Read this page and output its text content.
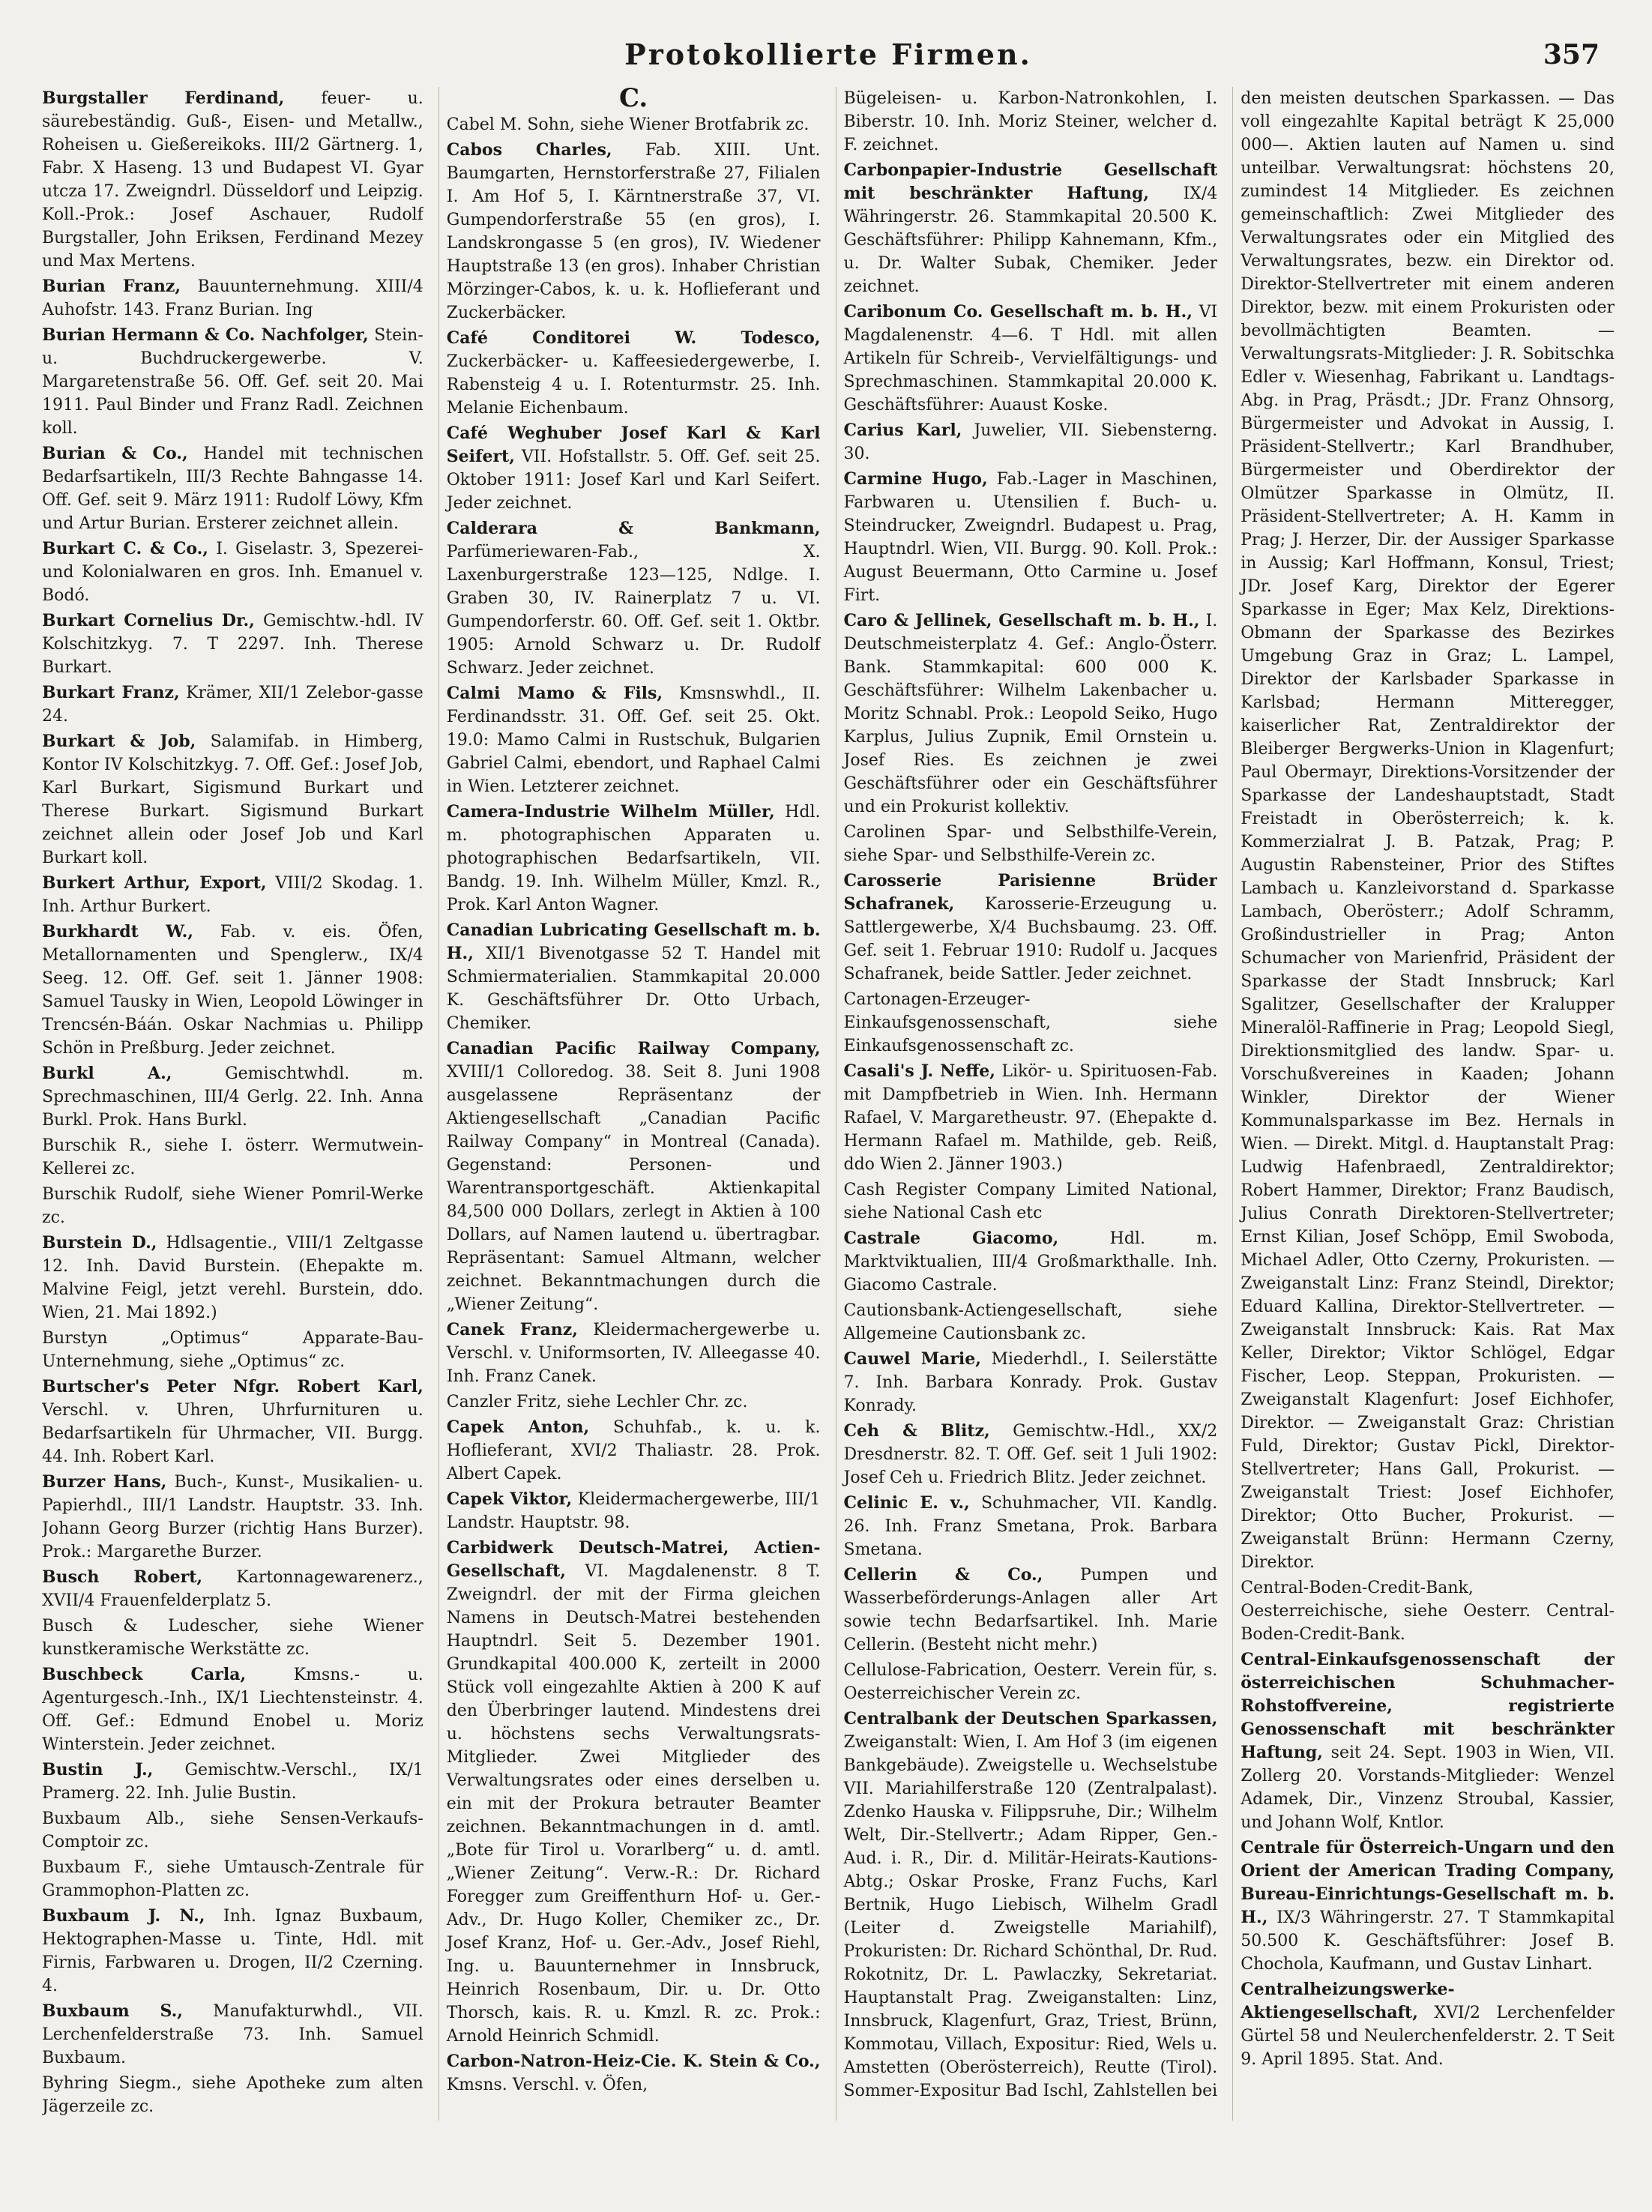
Protokollierte Firmen.	357

Burgstaller Ferdinand, feuer- u. säurebeständig. Guß-, Eisen- und Metallw., Roheisen u. Gießereikoks. III/2 Gärtnerg. 1, Fabr. X Haseng. 13 und Budapest VI. Gyar utcza 17. Zweigndrl. Düsseldorf und Leipzig. Koll.-Prok.: Josef Aschauer, Rudolf Burgstaller, John Eriksen, Ferdinand Mezey und Max Mertens.

Burian Franz, Bauunternehmung. XIII/4 Auhofstr. 143. Franz Burian. Ing

Burian Hermann & Co. Nachfolger, Stein- u. Buchdruckergewerbe. V. Margaretenstraße 56. Off. Gef. seit 20. Mai 1911. Paul Binder und Franz Radl. Zeichnen koll.

Burian & Co., Handel mit technischen Bedarfsartikeln, III/3 Rechte Bahngasse 14. Off. Gef. seit 9. März 1911: Rudolf Löwy, Kfm und Artur Burian. Ersterer zeichnet allein.

Burkart C. & Co., I. Giselastr. 3, Spezerei- und Kolonialwaren en gros. Inh. Emanuel v. Bodó.

Burkart Cornelius Dr., Gemischtw.-hdl. IV Kolschitzkyg. 7. T 2297. Inh. Therese Burkart.

Burkart Franz, Krämer, XII/1 Zelebor-gasse 24.

Burkart & Job, Salamifab. in Himberg, Kontor IV Kolschitzkyg. 7. Off. Gef.: Josef Job, Karl Burkart, Sigismund Burkart und Therese Burkart. Sigismund Burkart zeichnet allein oder Josef Job und Karl Burkart koll.

Burkert Arthur, Export, VIII/2 Skodag. 1. Inh. Arthur Burkert.

Burkhardt W., Fab. v. eis. Öfen, Metallornamenten und Spenglerw., IX/4 Seeg. 12. Off. Gef. seit 1. Jänner 1908: Samuel Tausky in Wien, Leopold Löwinger in Trencsén-Báán. Oskar Nachmias u. Philipp Schön in Preßburg. Jeder zeichnet.

Burkl A.,	Gemischtwhdl. m. Sprechmaschinen, III/4 Gerlg. 22. Inh. Anna Burkl. Prok. Hans Burkl.

Burschik R., siehe I. österr. Wermutwein-Kellerei zc.

Burschik Rudolf, siehe Wiener Pomril-Werke zc.

Burstein D., Hdlsagentie., VIII/1 Zeltgasse 12. Inh. David Burstein. (Ehepakte m. Malvine Feigl, jetzt verehl. Burstein, ddo. Wien, 21. Mai 1892.)

Burstyn „Optimus“ Apparate-Bau-Unternehmung, siehe „Optimus“ zc.

Burtscher's Peter Nfgr. Robert Karl, Verschl. v. Uhren, Uhrfurnituren u. Bedarfsartikeln für Uhrmacher, VII. Burgg. 44. Inh. Robert Karl.

Burzer Hans, Buch-, Kunst-, Musikalien- u. Papierhdl., III/1 Landstr. Hauptstr. 33. Inh. Johann Georg Burzer (richtig Hans Burzer). Prok.: Margarethe Burzer.

Busch Robert, Kartonnagewarenerz., XVII/4 Frauenfelderplatz 5.

Busch & Ludescher, siehe Wiener kunstkeramische Werkstätte zc.

Buschbeck Carla,	Kmsns.- u. Agenturgesch.-Inh., IX/1 Liechtensteinstr. 4. Off. Gef.: Edmund Enobel u. Moriz Winterstein. Jeder zeichnet.

Bustin J., Gemischtw.-Verschl., IX/1 Pramerg. 22. Inh. Julie Bustin.

Buxbaum Alb., siehe Sensen-Verkaufs-Comptoir zc.

Buxbaum F., siehe Umtausch-Zentrale für Grammophon-Platten zc.

Buxbaum J. N., Inh. Ignaz Buxbaum, Hektographen-Masse u. Tinte, Hdl. mit Firnis, Farbwaren u. Drogen, II/2 Czerning. 4.

Buxbaum S., Manufakturwhdl., VII. Lerchenfelderstraße 73. Inh. Samuel Buxbaum.

Byhring Siegm., siehe Apotheke zum alten Jägerzeile zc.

C.

Cabel M. Sohn, siehe Wiener Brotfabrik zc.

Cabos Charles, Fab. XIII. Unt. Baumgarten, Hernstorferstraße 27, Filialen I. Am Hof 5, I. Kärntnerstraße 37, VI. Gumpendorferstraße 55 (en gros), I. Landskrongasse 5 (en gros), IV. Wiedener Hauptstraße 13 (en gros). Inhaber Christian Mörzinger-Cabos, k. u. k. Hoflieferant und Zuckerbäcker.

Café Conditorei W. Todesco, Zuckerbäcker- u. Kaffeesiedergewerbe, I. Rabensteig 4 u. I. Rotenturmstr. 25. Inh. Melanie Eichenbaum.

Café Weghuber Josef Karl & Karl Seifert, VII. Hofstallstr. 5. Off. Gef. seit 25. Oktober 1911: Josef Karl und Karl Seifert. Jeder zeichnet.

Calderara & Bankmann, Parfümeriewaren-Fab., X. Laxenburgerstraße 123—125, Ndlge. I. Graben 30, IV. Rainerplatz 7 u. VI. Gumpendorferstr. 60. Off. Gef. seit 1. Oktbr. 1905: Arnold Schwarz u. Dr. Rudolf Schwarz. Jeder zeichnet.

Calmi Mamo & Fils, Kmsnswhdl., II. Ferdinandsstr. 31. Off. Gef. seit 25. Okt. 19.0: Mamo Calmi in Rustschuk, Bulgarien Gabriel Calmi, ebendort, und Raphael Calmi in Wien. Letzterer zeichnet.

Camera-Industrie Wilhelm Müller, Hdl. m. photographischen Apparaten u. photographischen Bedarfsartikeln, VII. Bandg. 19. Inh. Wilhelm Müller, Kmzl. R., Prok. Karl Anton Wagner.

Canadian Lubricating Gesellschaft m. b. H., XII/1 Bivenotgasse 52 T. Handel mit Schmiermaterialien. Stammkapital 20.000 K. Geschäftsführer Dr. Otto Urbach, Chemiker.

Canadian Pacific Railway Company, XVIII/1 Colloredog. 38. Seit 8. Juni 1908 ausgelassene Repräsentanz der Aktiengesellschaft „Canadian Pacific Railway Company“ in Montreal (Canada). Gegenstand: Personen- und Warentransportgeschäft. Aktienkapital 84,500 000 Dollars, zerlegt in Aktien à 100 Dollars, auf Namen lautend u. übertragbar. Repräsentant: Samuel Altmann, welcher zeichnet. Bekanntmachungen durch die „Wiener Zeitung“.

Canek Franz, Kleidermachergewerbe u. Verschl. v. Uniformsorten, IV. Alleegasse 40. Inh. Franz Canek.

Canzler Fritz, siehe Lechler Chr. zc.

Capek Anton, Schuhfab., k. u. k. Hoflieferant, XVI/2 Thaliastr. 28. Prok. Albert Capek.

Capek Viktor, Kleidermachergewerbe, III/1 Landstr. Hauptstr. 98.

Carbidwerk Deutsch-Matrei, Actien-Gesellschaft, VI. Magdalenenstr. 8 T. Zweigndrl. der mit der Firma gleichen Namens in Deutsch-Matrei bestehenden Hauptndrl. Seit 5. Dezember 1901. Grundkapital 400.000 K, zerteilt in 2000 Stück voll eingezahlte Aktien à 200 K auf den Überbringer lautend. Mindestens drei u. höchstens sechs Verwaltungsrats-Mitglieder. Zwei Mitglieder des Verwaltungsrates oder eines derselben u. ein mit der Prokura betrauter Beamter zeichnen. Bekanntmachungen in d. amtl. „Bote für Tirol u. Vorarlberg“ u. d. amtl. „Wiener Zeitung“. Verw.-R.: Dr. Richard Foregger zum Greiffenthurn Hof- u. Ger.-Adv., Dr. Hugo Koller, Chemiker zc., Dr. Josef Kranz, Hof- u. Ger.-Adv., Josef Riehl, Ing. u. Bauunternehmer in Innsbruck, Heinrich Rosenbaum, Dir. u. Dr. Otto Thorsch, kais. R. u. Kmzl. R. zc. Prok.: Arnold Heinrich Schmidl.

Carbon-Natron-Heiz-Cie. K. Stein & Co., Kmsns. Verschl. v. Öfen,

Bügeleisen- u. Karbon-Natronkohlen, I. Biberstr. 10. Inh. Moriz Steiner, welcher d. F. zeichnet.

Carbonpapier-Industrie Gesellschaft mit beschränkter Haftung, IX/4 Währingerstr. 26. Stammkapital 20.500 K. Geschäftsführer: Philipp Kahnemann, Kfm., u. Dr. Walter Subak, Chemiker. Jeder zeichnet.

Caribonum Co. Gesellschaft m. b. H., VI Magdalenenstr. 4—6. T Hdl. mit allen Artikeln für Schreib-, Vervielfältigungs- und Sprechmaschinen. Stammkapital 20.000 K. Geschäftsführer: Auaust Koske.

Carius Karl, Juwelier, VII. Siebensterng. 30.

Carmine Hugo, Fab.-Lager in Maschinen, Farbwaren u. Utensilien f. Buch- u. Steindrucker, Zweigndrl. Budapest u. Prag, Hauptndrl. Wien, VII. Burgg. 90. Koll. Prok.: August Beuermann, Otto Carmine u. Josef Firt.

Caro & Jellinek, Gesellschaft m. b. H., I. Deutschmeisterplatz 4. Gef.: Anglo-Österr. Bank. Stammkapital: 600 000 K. Geschäftsführer: Wilhelm Lakenbacher u. Moritz Schnabl. Prok.: Leopold Seiko, Hugo Karplus, Julius Zupnik, Emil Ornstein u. Josef Ries. Es zeichnen je zwei Geschäftsführer oder ein Geschäftsführer und ein Prokurist kollektiv.

Carolinen Spar- und Selbsthilfe-Verein, siehe Spar- und Selbsthilfe-Verein zc.

Carosserie Parisienne Brüder Schafranek, Karosserie-Erzeugung u. Sattlergewerbe, X/4 Buchsbaumg. 23. Off. Gef. seit 1. Februar 1910: Rudolf u. Jacques Schafranek, beide Sattler. Jeder zeichnet.

Cartonagen-Erzeuger-Einkaufsgenossenschaft, siehe Einkaufsgenossenschaft zc.

Casali's J. Neffe, Likör- u. Spirituosen-Fab. mit Dampfbetrieb in Wien. Inh. Hermann Rafael, V. Margaretheustr. 97. (Ehepakte d. Hermann Rafael m. Mathilde, geb. Reiß, ddo Wien 2. Jänner 1903.)

Cash Register Company Limited National, siehe National Cash etc

Castrale Giacomo,	Hdl. m. Marktviktualien, III/4 Großmarkthalle. Inh. Giacomo Castrale.

Cautionsbank-Actiengesellschaft, siehe Allgemeine Cautionsbank zc.

Cauwel Marie, Miederhdl., I. Seilerstätte 7. Inh. Barbara Konrady. Prok. Gustav Konrady.

Ceh & Blitz, Gemischtw.-Hdl., XX/2 Dresdnerstr. 82. T. Off. Gef. seit 1 Juli 1902: Josef Ceh u. Friedrich Blitz. Jeder zeichnet.

Celinic E. v., Schuhmacher, VII. Kandlg. 26. Inh. Franz Smetana, Prok. Barbara Smetana.

Cellerin & Co., Pumpen und Wasserbeförderungs-Anlagen aller Art sowie techn Bedarfsartikel. Inh. Marie Cellerin. (Besteht nicht mehr.)

Cellulose-Fabrication, Oesterr. Verein für, s. Oesterreichischer Verein zc.

Centralbank der Deutschen Sparkassen, Zweiganstalt: Wien, I. Am Hof 3 (im eigenen Bankgebäude). Zweigstelle u. Wechselstube VII. Mariahilferstraße 120 (Zentralpalast). Zdenko Hauska v. Filippsruhe, Dir.; Wilhelm Welt, Dir.-Stellvertr.; Adam Ripper, Gen.-Aud. i. R., Dir. d. Militär-Heirats-Kautions-Abtg.; Oskar Proske, Franz Fuchs, Karl Bertnik, Hugo Liebisch, Wilhelm Gradl (Leiter d. Zweigstelle Mariahilf), Prokuristen: Dr. Richard Schönthal, Dr. Rud. Rokotnitz, Dr. L. Pawlaczky, Sekretariat. Hauptanstalt Prag. Zweiganstalten: Linz, Innsbruck, Klagenfurt, Graz, Triest, Brünn, Kommotau, Villach, Expositur: Ried, Wels u. Amstetten (Oberösterreich), Reutte (Tirol). Sommer-Expositur Bad Ischl, Zahlstellen bei

den meisten deutschen Sparkassen. — Das voll eingezahlte Kapital beträgt K 25,000 000—. Aktien lauten auf Namen u. sind unteilbar. Verwaltungsrat: höchstens 20, zumindest 14 Mitglieder. Es zeichnen gemeinschaftlich: Zwei Mitglieder des Verwaltungsrates oder ein Mitglied des Verwaltungsrates, bezw. ein Direktor od. Direktor-Stellvertreter mit einem anderen Direktor, bezw. mit einem Prokuristen oder bevollmächtigten Beamten. — Verwaltungsrats-Mitglieder: J. R. Sobitschka Edler v. Wiesenhag, Fabrikant u. Landtags-Abg. in Prag, Präsdt.; JDr. Franz Ohnsorg, Bürgermeister und Advokat in Aussig, I. Präsident-Stellvertr.; Karl Brandhuber, Bürgermeister und Oberdirektor der Olmützer Sparkasse in Olmütz, II. Präsident-Stellvertreter; A. H. Kamm in Prag; J. Herzer, Dir. der Aussiger Sparkasse in Aussig; Karl Hoffmann, Konsul, Triest; JDr. Josef Karg, Direktor der Egerer Sparkasse in Eger; Max Kelz, Direktions-Obmann der Sparkasse des Bezirkes Umgebung Graz in Graz; L. Lampel, Direktor der Karlsbader Sparkasse in Karlsbad; Hermann Mitteregger, kaiserlicher Rat, Zentraldirektor der Bleiberger Bergwerks-Union in Klagenfurt; Paul Obermayr, Direktions-Vorsitzender der Sparkasse der Landeshauptstadt, Stadt Freistadt in Oberösterreich; k. k. Kommerzialrat J. B. Patzak, Prag; P. Augustin Rabensteiner, Prior des Stiftes Lambach u. Kanzleivorstand d. Sparkasse Lambach, Oberösterr.; Adolf Schramm, Großindustrieller in Prag; Anton Schumacher von Marienfrid, Präsident der Sparkasse der Stadt Innsbruck; Karl Sgalitzer, Gesellschafter der Kralupper Mineralöl-Raffinerie in Prag; Leopold Siegl, Direktionsmitglied des landw. Spar- u. Vorschußvereines in Kaaden; Johann Winkler, Direktor der Wiener Kommunalsparkasse im Bez. Hernals in Wien. — Direkt. Mitgl. d. Hauptanstalt Prag: Ludwig Hafenbraedl, Zentraldirektor; Robert Hammer, Direktor; Franz Baudisch, Julius Conrath Direktoren-Stellvertreter; Ernst Kilian, Josef Schöpp, Emil Swoboda, Michael Adler, Otto Czerny, Prokuristen. — Zweiganstalt Linz: Franz Steindl, Direktor; Eduard Kallina, Direktor-Stellvertreter. — Zweiganstalt Innsbruck: Kais. Rat Max Keller, Direktor; Viktor Schlögel, Edgar Fischer, Leop. Steppan, Prokuristen. — Zweiganstalt Klagenfurt: Josef Eichhofer, Direktor. — Zweiganstalt Graz: Christian Fuld, Direktor; Gustav Pickl, Direktor-Stellvertreter; Hans Gall, Prokurist. — Zweiganstalt Triest: Josef Eichhofer, Direktor; Otto Bucher, Prokurist. — Zweiganstalt Brünn: Hermann Czerny, Direktor.

Central-Boden-Credit-Bank, Oesterreichische, siehe Oesterr. Central-Boden-Credit-Bank.

Central-Einkaufsgenossenschaft der österreichischen Schuhmacher-Rohstoffvereine, registrierte Genossenschaft mit beschränkter Haftung, seit 24. Sept. 1903 in Wien, VII. Zollerg 20. Vorstands-Mitglieder: Wenzel Adamek, Dir., Vinzenz Stroubal, Kassier, und Johann Wolf, Kntlor.

Centrale für Österreich-Ungarn und den Orient der American Trading Company, Bureau-Einrichtungs-Gesellschaft m. b. H., IX/3 Währingerstr. 27. T Stammkapital 50.500 K. Geschäftsführer: Josef B. Chochola, Kaufmann, und Gustav Linhart.

Centralheizungswerke-Aktiengesellschaft, XVI/2 Lerchenfelder Gürtel 58 und Neulerchenfelderstr. 2. T Seit 9. April 1895. Stat. And.
